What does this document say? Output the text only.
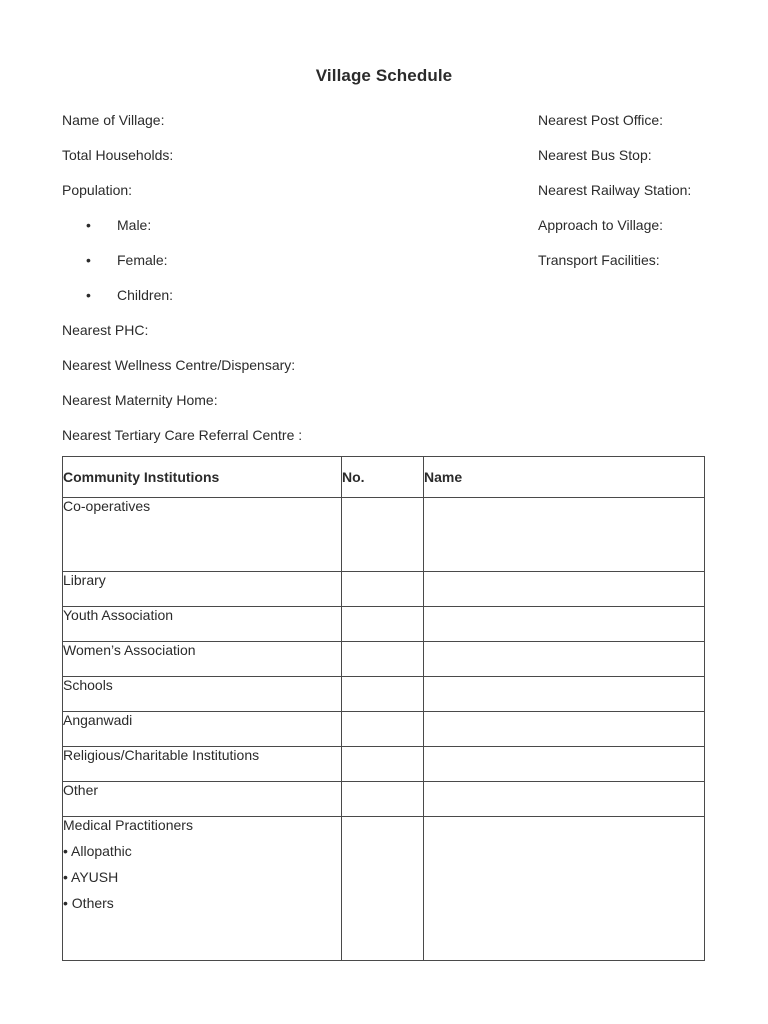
Village Schedule
Name of Village:
Total Households:
Population:
• Male:
• Female:
• Children:
Nearest PHC:
Nearest Wellness Centre/Dispensary:
Nearest Maternity Home:
Nearest Tertiary Care Referral Centre :
Nearest Post Office:
Nearest Bus Stop:
Nearest Railway Station:
Approach to Village:
Transport Facilities:
Community Institutions	No.	Name
Co-operatives		
Library		
Youth Association		
Women’s Association		
Schools		
Anganwadi		
Religious/Charitable Institutions		
Other		

Medical Practitioners
• Allopathic
• AYUSH
• Others		
